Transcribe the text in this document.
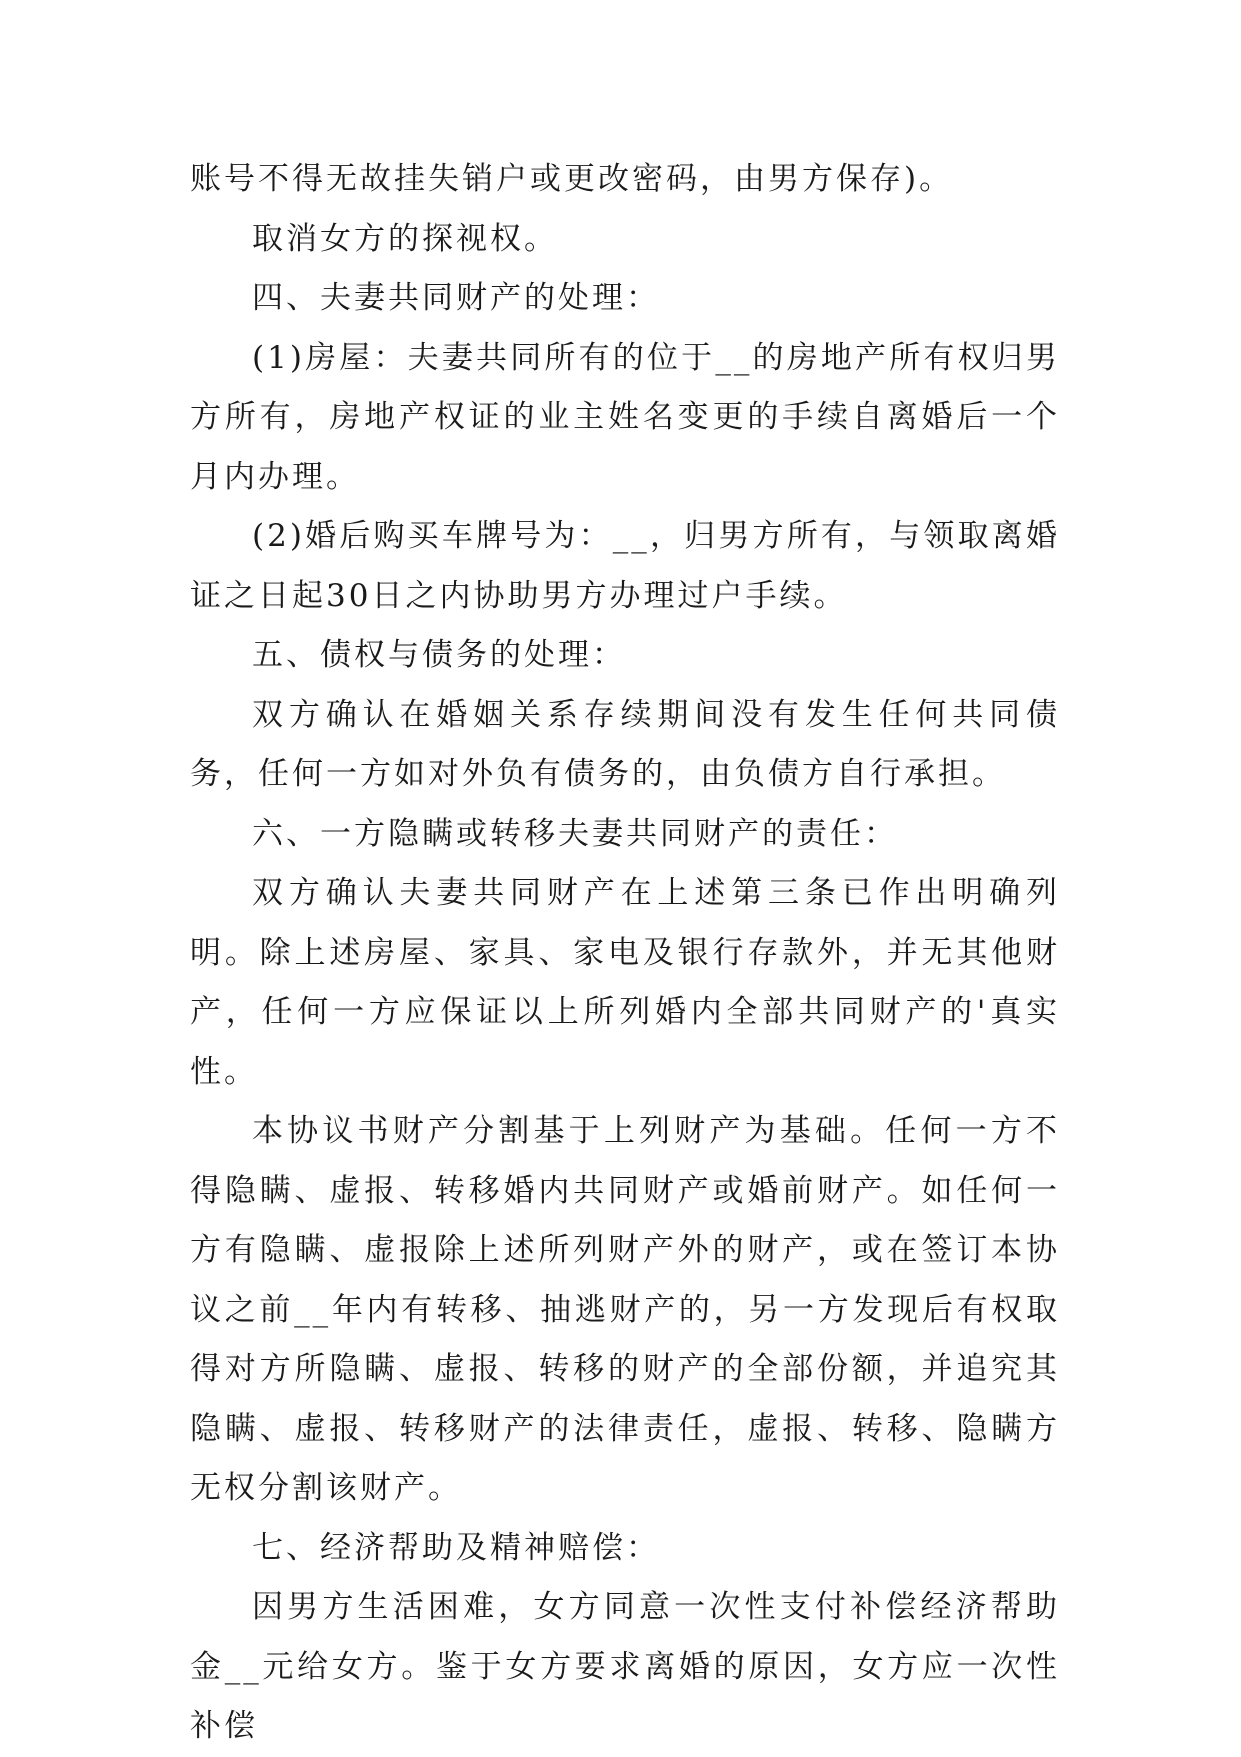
账号不得无故挂失销户或更改密码，由男方保存)。

取消女方的探视权。

四、夫妻共同财产的处理：

(1)房屋：夫妻共同所有的位于__的房地产所有权归男方所有，房地产权证的业主姓名变更的手续自离婚后一个月内办理。

(2)婚后购买车牌号为：__，归男方所有，与领取离婚证之日起30日之内协助男方办理过户手续。

五、债权与债务的处理：

双方确认在婚姻关系存续期间没有发生任何共同债务，任何一方如对外负有债务的，由负债方自行承担。

六、一方隐瞒或转移夫妻共同财产的责任：

双方确认夫妻共同财产在上述第三条已作出明确列明。除上述房屋、家具、家电及银行存款外，并无其他财产，任何一方应保证以上所列婚内全部共同财产的'真实性。

本协议书财产分割基于上列财产为基础。任何一方不得隐瞒、虚报、转移婚内共同财产或婚前财产。如任何一方有隐瞒、虚报除上述所列财产外的财产，或在签订本协议之前__年内有转移、抽逃财产的，另一方发现后有权取得对方所隐瞒、虚报、转移的财产的全部份额，并追究其隐瞒、虚报、转移财产的法律责任，虚报、转移、隐瞒方无权分割该财产。

七、经济帮助及精神赔偿：

因男方生活困难，女方同意一次性支付补偿经济帮助金__元给女方。鉴于女方要求离婚的原因，女方应一次性补偿
